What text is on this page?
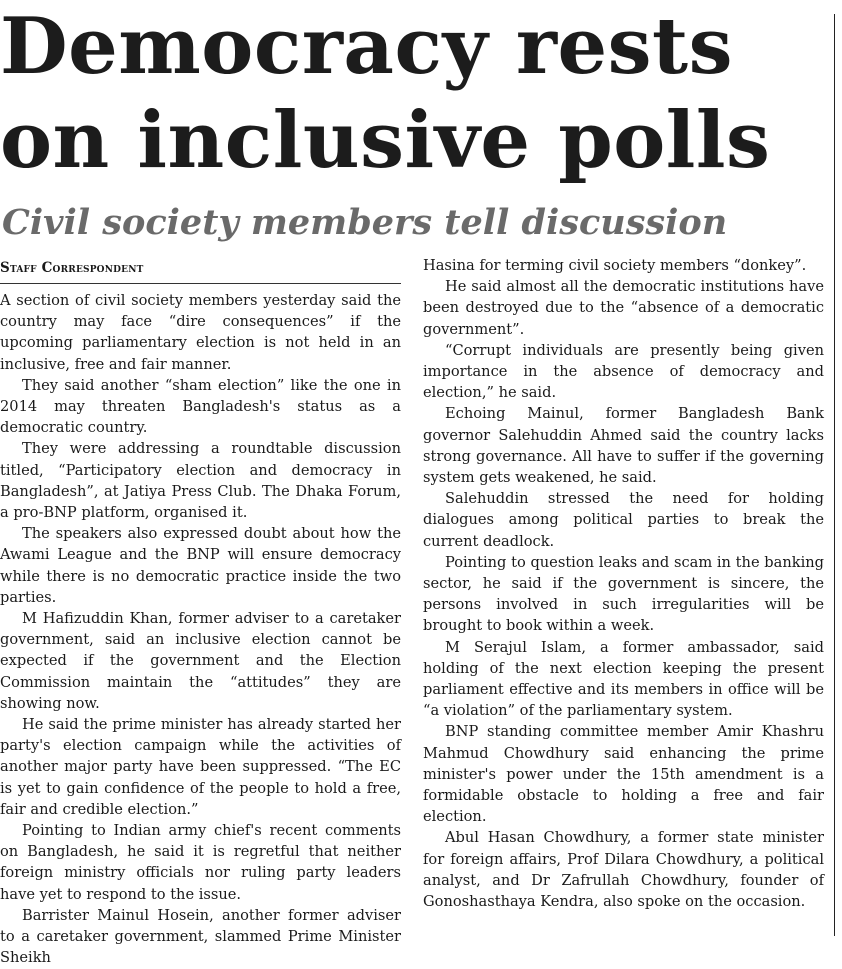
Democracy rests on inclusive polls
Civil society members tell discussion
Staff Correspondent

A section of civil society members yesterday said the country may face “dire consequences” if the upcoming parliamentary election is not held in an inclusive, free and fair manner.

They said another “sham election” like the one in 2014 may threaten Bangladesh's status as a democratic country.

They were addressing a roundtable discussion titled, “Participatory election and democracy in Bangladesh”, at Jatiya Press Club. The Dhaka Forum, a pro-BNP platform, organised it.

The speakers also expressed doubt about how the Awami League and the BNP will ensure democracy while there is no democratic practice inside the two parties.

M Hafizuddin Khan, former adviser to a caretaker government, said an inclusive election cannot be expected if the government and the Election Commission maintain the “attitudes” they are showing now.

He said the prime minister has already started her party's election campaign while the activities of another major party have been suppressed. “The EC is yet to gain confidence of the people to hold a free, fair and credible election.”

Pointing to Indian army chief's recent comments on Bangladesh, he said it is regretful that neither foreign ministry officials nor ruling party leaders have yet to respond to the issue.

Barrister Mainul Hosein, another former adviser to a caretaker government, slammed Prime Minister Sheikh

Hasina for terming civil society members “donkey”.

He said almost all the democratic institutions have been destroyed due to the “absence of a democratic government”.

“Corrupt individuals are presently being given importance in the absence of democracy and election,” he said.

Echoing Mainul, former Bangladesh Bank governor Salehuddin Ahmed said the country lacks strong governance. All have to suffer if the governing system gets weakened, he said.

Salehuddin stressed the need for holding dialogues among political parties to break the current deadlock.

Pointing to question leaks and scam in the banking sector, he said if the government is sincere, the persons involved in such irregularities will be brought to book within a week.

M Serajul Islam, a former ambassador, said holding of the next election keeping the present parliament effective and its members in office will be “a violation” of the parliamentary system.

BNP standing committee member Amir Khashru Mahmud Chowdhury said enhancing the prime minister's power under the 15th amendment is a formidable obstacle to holding a free and fair election.

Abul Hasan Chowdhury, a former state minister for foreign affairs, Prof Dilara Chowdhury, a political analyst, and Dr Zafrullah Chowdhury, founder of Gonoshasthaya Kendra, also spoke on the occasion.
